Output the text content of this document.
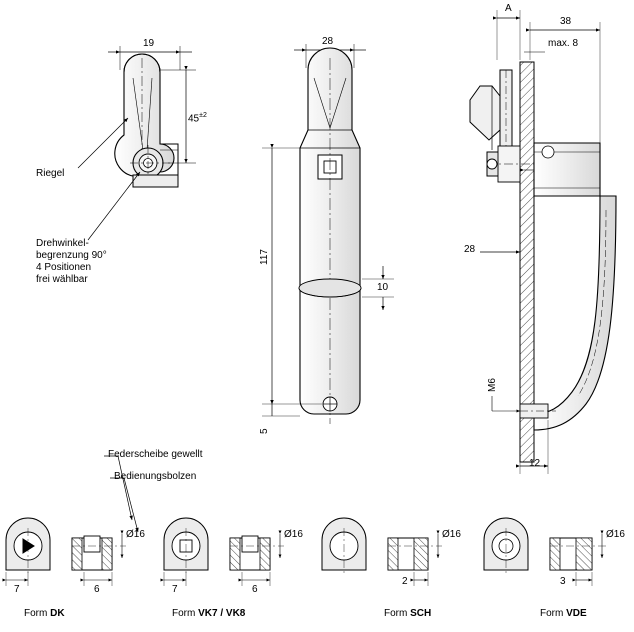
19
$45^{\pm 2}$
Riegel
Drehwinkel-
begrenzung 90°
4 Positionen
frei wählbar
28
117
10
5
A
38
max. 8
28
M6
12
Federscheibe gewellt
Bedienungsbolzen
7	6
Ø16
7	6
Ø16
2
Ø16
3
Ø16
Form DK	Form VK7 / VK8	Form SCH	Form VDE
